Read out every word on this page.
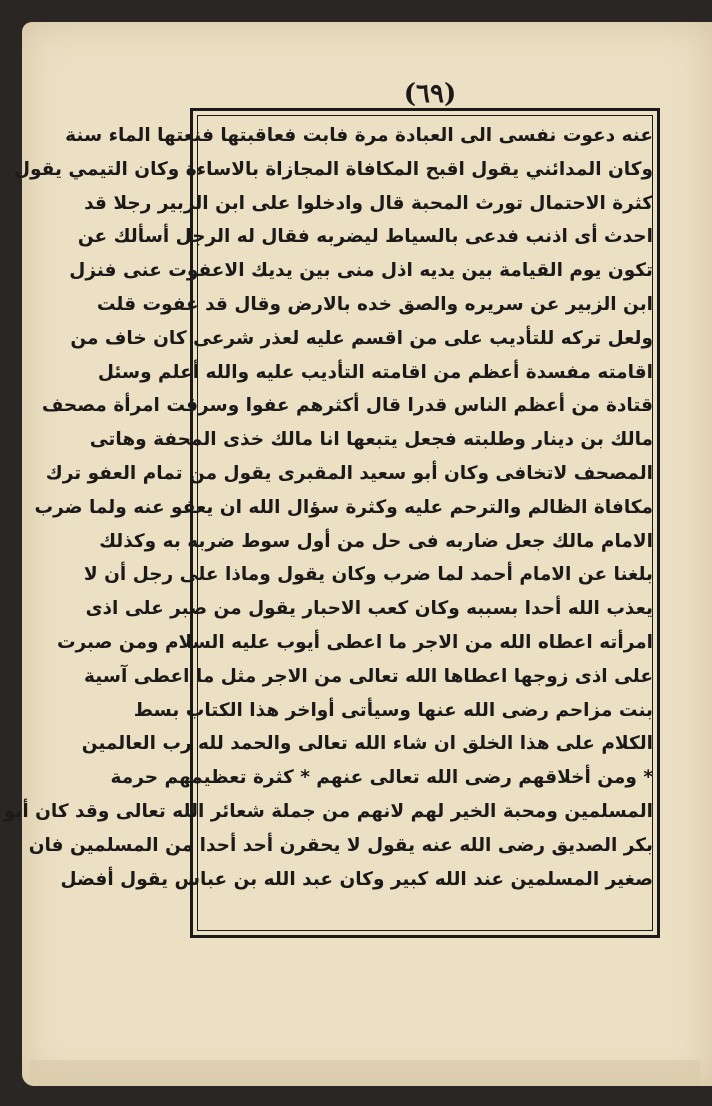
(٦٩)

عنه دعوت نفسى الى العبادة مرة فابت فعاقبتها فنعتها الماء سنة

وكان المدائني يقول اقبح المكافاة المجازاة بالاساءة وكان التيمي يقول

كثرة الاحتمال تورث المحبة قال وادخلوا على ابن الزبير رجلا قد

احدث أى اذنب فدعى بالسياط ليضربه فقال له الرجل أسألك عن

تكون يوم القيامة بين يديه اذل منى بين يديك الاعفوت عنى فنزل

ابن الزبير عن سريره والصق خده بالارض وقال قد عفوت قلت

ولعل تركه للتأديب على من اقسم عليه لعذر شرعى كان خاف من

اقامته مفسدة أعظم من اقامته التأديب عليه والله أعلم وسئل

قتادة من أعظم الناس قدرا قال أكثرهم عفوا وسرقت امرأة مصحف

مالك بن دينار وطلبته فجعل يتبعها انا مالك خذى المحفة وهاتى

المصحف لاتخافى وكان أبو سعيد المقبرى يقول من تمام العفو ترك

مكافاة الظالم والترحم عليه وكثرة سؤال الله ان يعفو عنه ولما ضرب

الامام مالك جعل ضاربه فى حل من أول سوط ضربه به وكذلك

بلغنا عن الامام أحمد لما ضرب وكان يقول وماذا على رجل أن لا

يعذب الله أحدا بسببه وكان كعب الاحبار يقول من صبر على اذى

امرأته اعطاه الله من الاجر ما اعطى أيوب عليه السلام ومن صبرت

على اذى زوجها اعطاها الله تعالى من الاجر مثل ما اعطى آسية

بنت مزاحم رضى الله عنها وسيأتى أواخر هذا الكتاب بسط

الكلام على هذا الخلق ان شاء الله تعالى والحمد لله رب العالمين

* ومن أخلاقهم رضى الله تعالى عنهم * كثرة تعظيمهم حرمة

المسلمين ومحبة الخير لهم لانهم من جملة شعائر الله تعالى وقد كان أبو

بكر الصديق رضى الله عنه يقول لا يحقرن أحد أحدا من المسلمين فان

صغير المسلمين عند الله كبير وكان عبد الله بن عباس يقول أفضل
